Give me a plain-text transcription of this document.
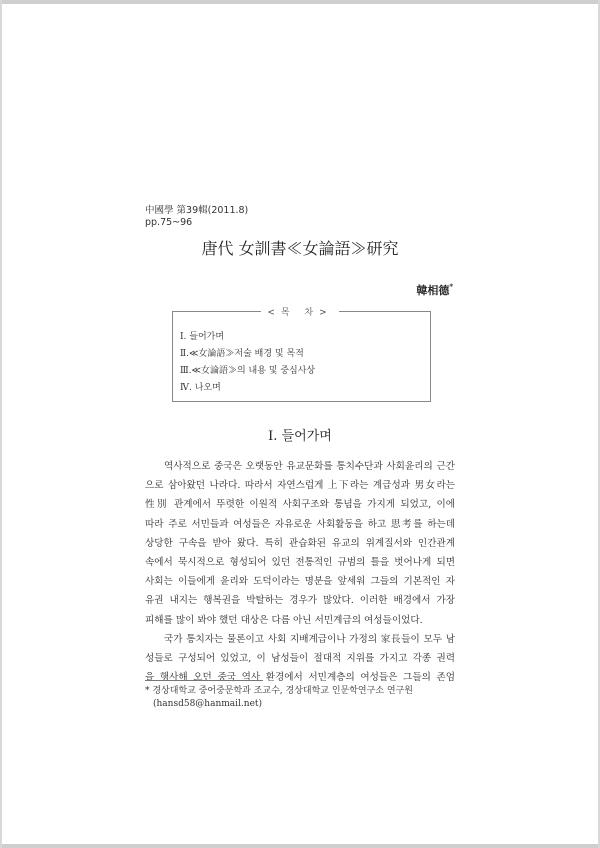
中國學 第39輯(2011.8)
pp.75~96
唐代 女訓書≪女論語≫研究
韓相德*
<목 차>
Ⅰ. 들어가며
Ⅱ.≪女論語≫저술 배경 및 목적
Ⅲ.≪女論語≫의 내용 및 중심사상
Ⅳ. 나오며
Ⅰ. 들어가며
역사적으로 중국은 오랫동안 유교문화를 통치수단과 사회윤리의 근간
으로 삼아왔던 나라다. 따라서 자연스럽게 上下라는 계급성과 男女라는
性別 관계에서 뚜렷한 이원적 사회구조와 통념을 가지게 되었고, 이에
따라 주로 서민들과 여성들은 자유로운 사회활동을 하고 思考를 하는데
상당한 구속을 받아 왔다. 특히 관습화된 유교의 위계질서와 인간관계
속에서 묵시적으로 형성되어 있던 전통적인 규범의 틀을 벗어나게 되면
사회는 이들에게 윤리와 도덕이라는 명분을 앞세워 그들의 기본적인 자
유권 내지는 행복권을 박탈하는 경우가 많았다. 이러한 배경에서 가장
피해를 많이 봐야 했던 대상은 다름 아닌 서민계급의 여성들이었다.
국가 통치자는 물론이고 사회 지배계급이나 가정의 家長들이 모두 남
성들로 구성되어 있었고, 이 남성들이 절대적 지위를 가지고 각종 권력
을 행사해 오던 중국 역사 환경에서 서민계층의 여성들은 그들의 존엄
* 경상대학교 중어중문학과 조교수, 경상대학교 인문학연구소 연구원
(hansd58@hanmail.net)
